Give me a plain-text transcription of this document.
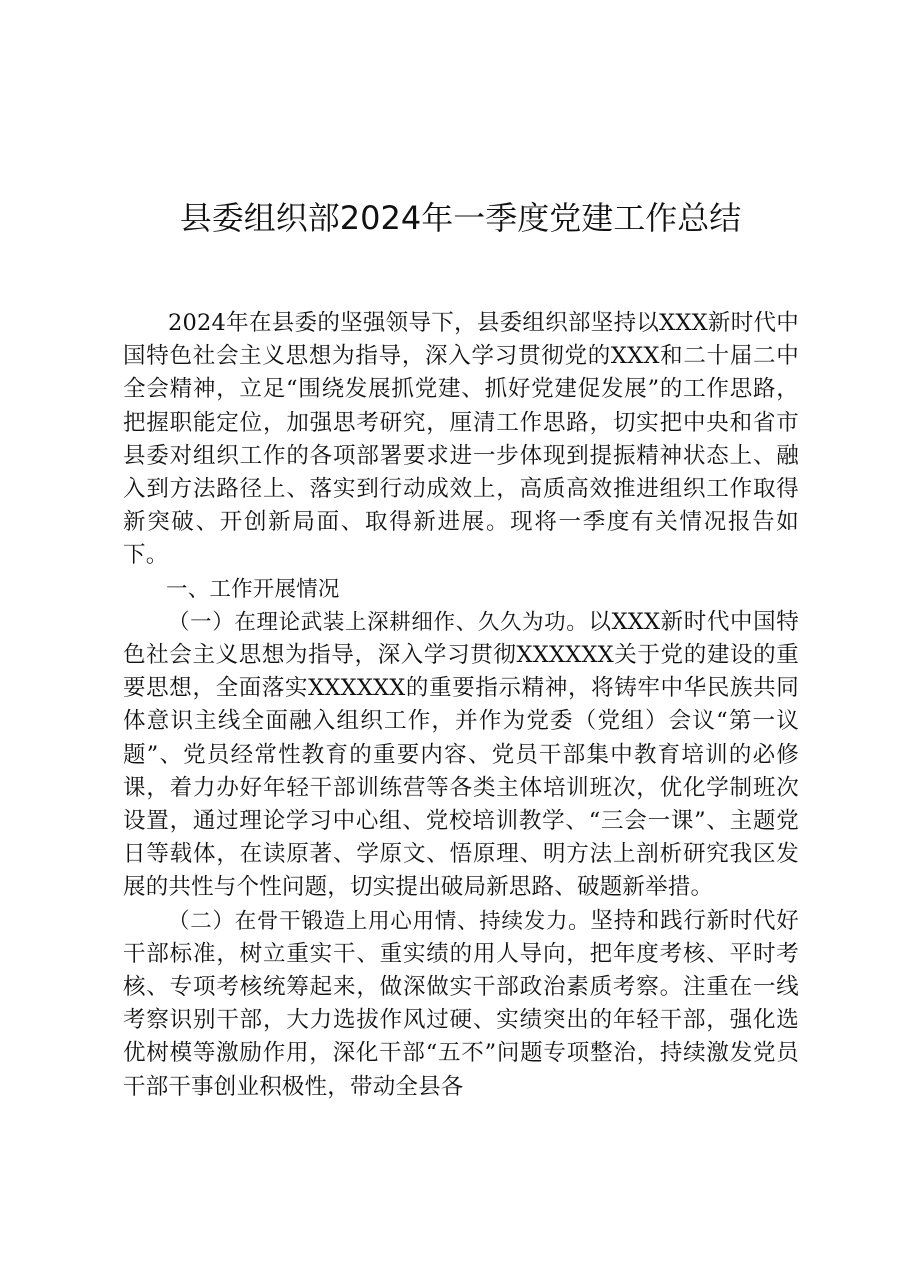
县委组织部2024年一季度党建工作总结

2024年在县委的坚强领导下，县委组织部坚持以XXX新时代中国特色社会主义思想为指导，深入学习贯彻党的XXX和二十届二中全会精神，立足“围绕发展抓党建、抓好党建促发展”的工作思路，把握职能定位，加强思考研究，厘清工作思路，切实把中央和省市县委对组织工作的各项部署要求进一步体现到提振精神状态上、融入到方法路径上、落实到行动成效上，高质高效推进组织工作取得新突破、开创新局面、取得新进展。现将一季度有关情况报告如下。

一、工作开展情况

（一）在理论武装上深耕细作、久久为功。以XXX新时代中国特色社会主义思想为指导，深入学习贯彻XXXXXX关于党的建设的重要思想，全面落实XXXXXX的重要指示精神，将铸牢中华民族共同体意识主线全面融入组织工作，并作为党委（党组）会议“第一议题”、党员经常性教育的重要内容、党员干部集中教育培训的必修课，着力办好年轻干部训练营等各类主体培训班次，优化学制班次设置，通过理论学习中心组、党校培训教学、“三会一课”、主题党日等载体，在读原著、学原文、悟原理、明方法上剖析研究我区发展的共性与个性问题，切实提出破局新思路、破题新举措。

（二）在骨干锻造上用心用情、持续发力。坚持和践行新时代好干部标准，树立重实干、重实绩的用人导向，把年度考核、平时考核、专项考核统筹起来，做深做实干部政治素质考察。注重在一线考察识别干部，大力选拔作风过硬、实绩突出的年轻干部，强化选优树模等激励作用，深化干部“五不”问题专项整治，持续激发党员干部干事创业积极性，带动全县各
